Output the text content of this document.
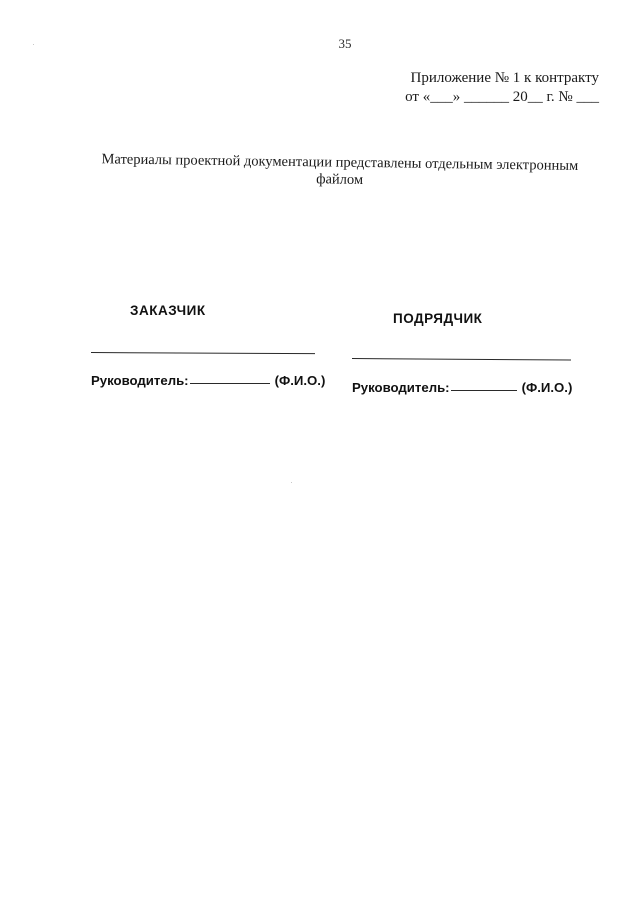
35
Приложение № 1 к контракту
от «___» ______ 20__ г. № ___
Материалы проектной документации представлены отдельным электронным файлом
ЗАКАЗЧИК
ПОДРЯДЧИК
Руководитель:	(Ф.И.О.) Руководитель:	(Ф.И.О.)
